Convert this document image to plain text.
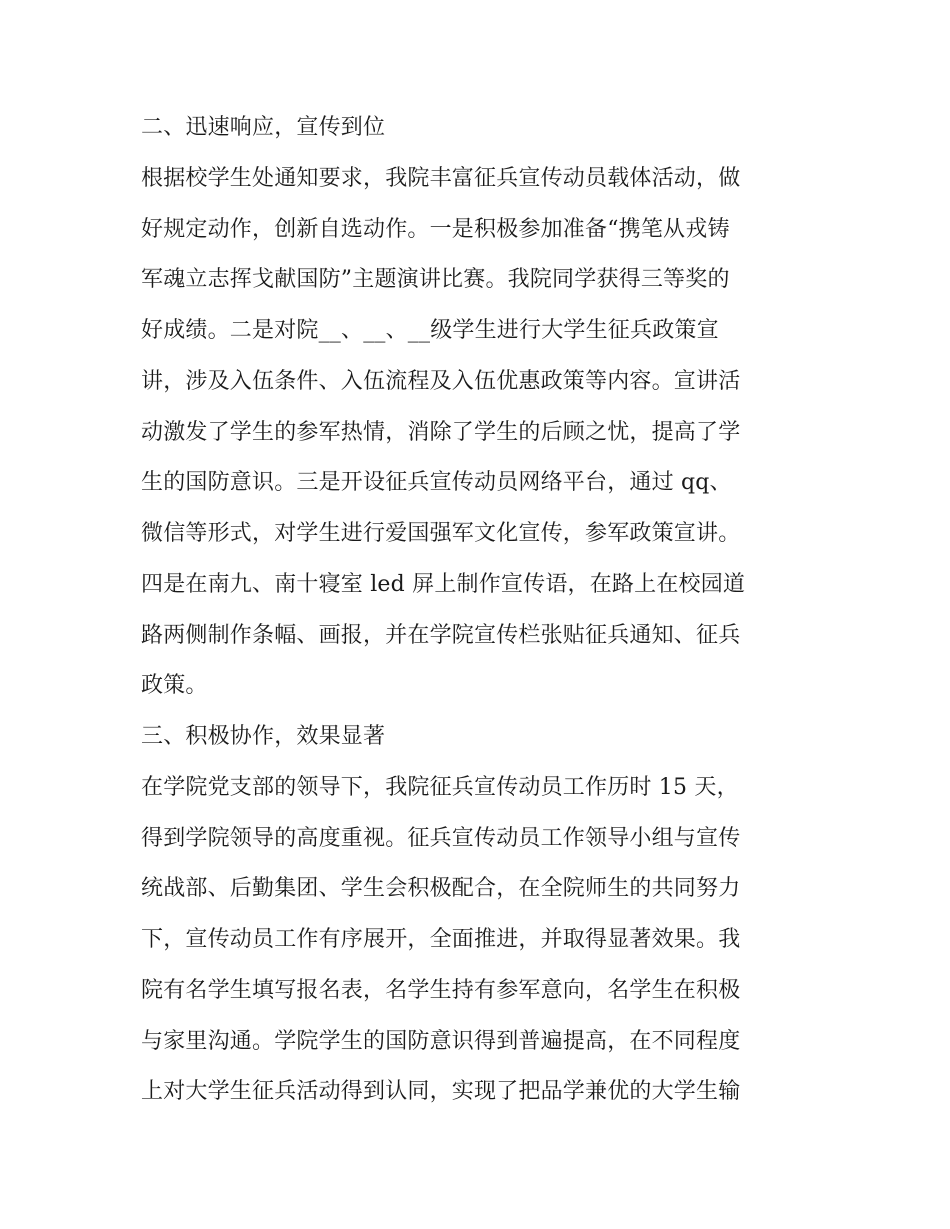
二、迅速响应，宣传到位
根据校学生处通知要求，我院丰富征兵宣传动员载体活动，做
好规定动作，创新自选动作。一是积极参加准备“携笔从戎铸
军魂立志挥戈献国防”主题演讲比赛。我院同学获得三等奖的
好成绩。二是对院__、__、__级学生进行大学生征兵政策宣
讲，涉及入伍条件、入伍流程及入伍优惠政策等内容。宣讲活
动激发了学生的参军热情，消除了学生的后顾之忧，提高了学
生的国防意识。三是开设征兵宣传动员网络平台，通过 qq、
微信等形式，对学生进行爱国强军文化宣传，参军政策宣讲。
四是在南九、南十寝室 led 屏上制作宣传语，在路上在校园道
路两侧制作条幅、画报，并在学院宣传栏张贴征兵通知、征兵
政策。
三、积极协作，效果显著
在学院党支部的领导下，我院征兵宣传动员工作历时 15 天，
得到学院领导的高度重视。征兵宣传动员工作领导小组与宣传
统战部、后勤集团、学生会积极配合，在全院师生的共同努力
下，宣传动员工作有序展开，全面推进，并取得显著效果。我
院有名学生填写报名表，名学生持有参军意向，名学生在积极
与家里沟通。学院学生的国防意识得到普遍提高，在不同程度
上对大学生征兵活动得到认同，实现了把品学兼优的大学生输
